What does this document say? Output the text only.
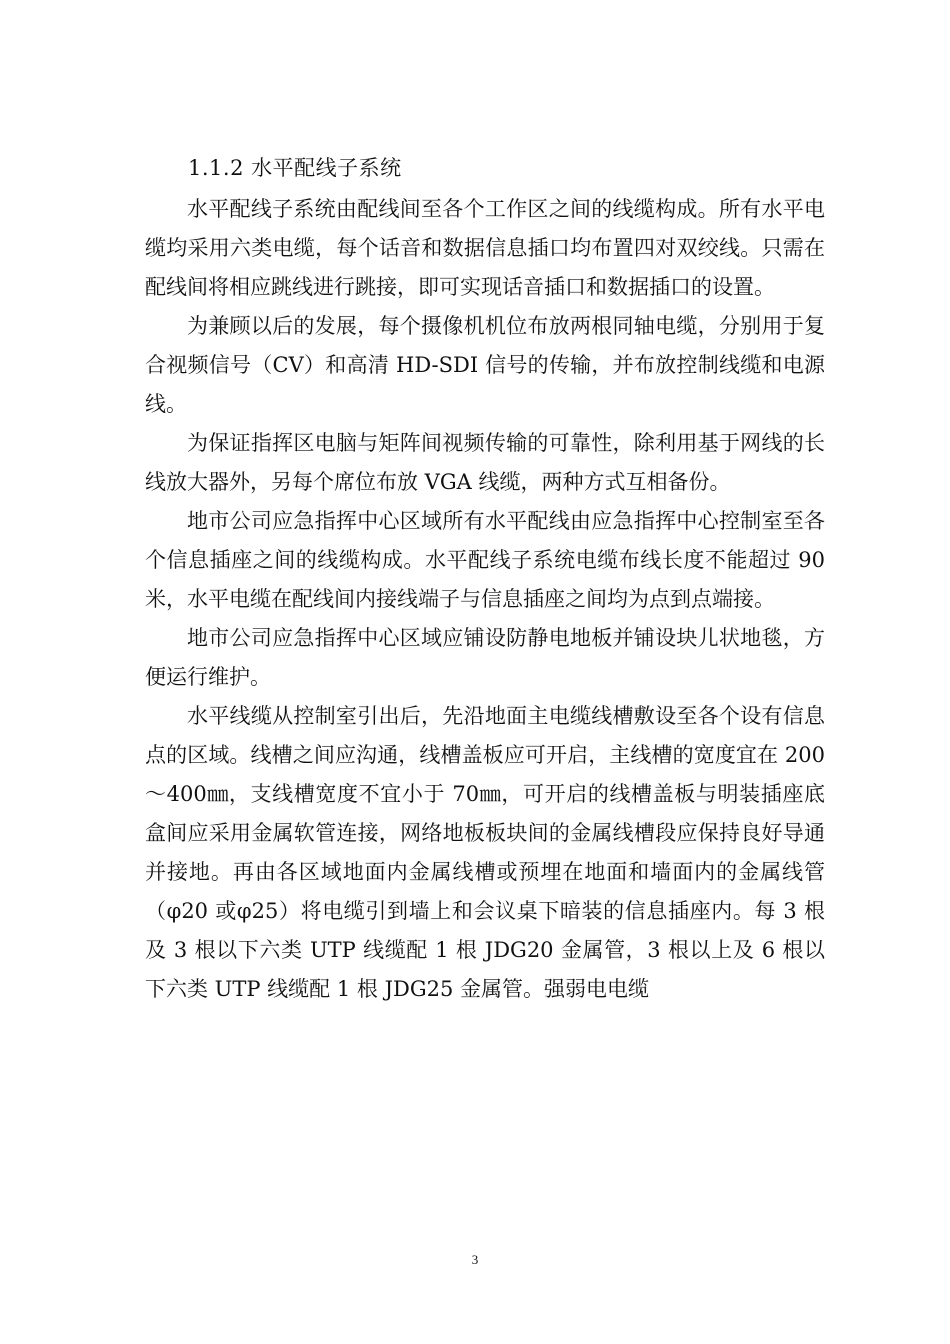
1.1.2 水平配线子系统

水平配线子系统由配线间至各个工作区之间的线缆构成。所有水平电缆均采用六类电缆，每个话音和数据信息插口均布置四对双绞线。只需在配线间将相应跳线进行跳接，即可实现话音插口和数据插口的设置。

为兼顾以后的发展，每个摄像机机位布放两根同轴电缆，分别用于复合视频信号（CV）和高清 HD-SDI 信号的传输，并布放控制线缆和电源线。

为保证指挥区电脑与矩阵间视频传输的可靠性，除利用基于网线的长线放大器外，另每个席位布放 VGA 线缆，两种方式互相备份。

地市公司应急指挥中心区域所有水平配线由应急指挥中心控制室至各个信息插座之间的线缆构成。水平配线子系统电缆布线长度不能超过 90 米，水平电缆在配线间内接线端子与信息插座之间均为点到点端接。

地市公司应急指挥中心区域应铺设防静电地板并铺设块儿状地毯，方便运行维护。

水平线缆从控制室引出后，先沿地面主电缆线槽敷设至各个设有信息点的区域。线槽之间应沟通，线槽盖板应可开启，主线槽的宽度宜在 200～400㎜，支线槽宽度不宜小于 70㎜，可开启的线槽盖板与明装插座底盒间应采用金属软管连接，网络地板板块间的金属线槽段应保持良好导通并接地。再由各区域地面内金属线槽或预埋在地面和墙面内的金属线管（φ20 或φ25）将电缆引到墙上和会议桌下暗装的信息插座内。每 3 根及 3 根以下六类 UTP 线缆配 1 根 JDG20 金属管，3 根以上及 6 根以下六类 UTP 线缆配 1 根 JDG25 金属管。强弱电电缆

3
